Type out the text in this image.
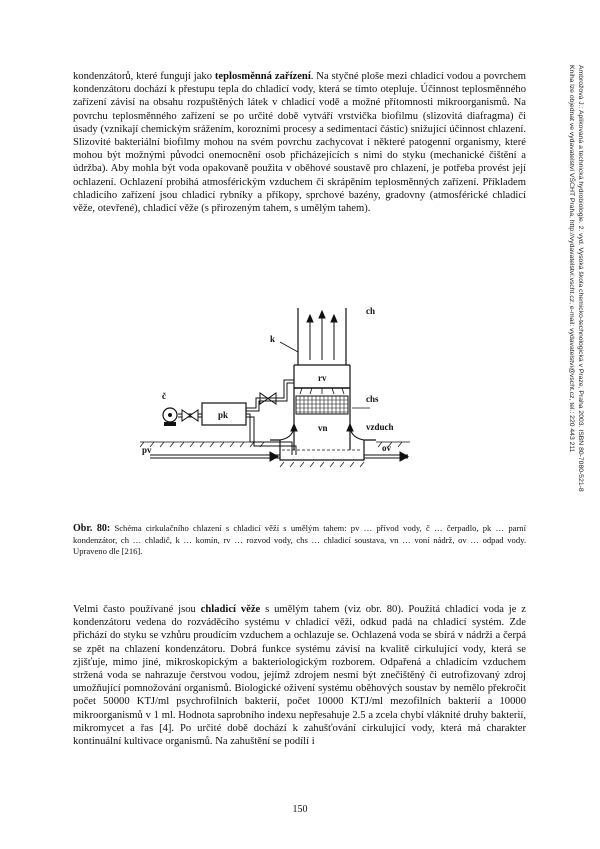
kondenzátorů, které fungují jako teplosměnná zařízení. Na styčné ploše mezi chladicí vodou a povrchem kondenzátoru dochází k přestupu tepla do chladicí vody, která se tímto otepluje. Účinnost teplosměnného zařízení závisí na obsahu rozpuštěných látek v chladicí vodě a možné přítomnosti mikroorganismů. Na povrchu teplosměnného zařízení se po určité době vytváří vrstvička biofilmu (slizovitá diafragma) či úsady (vznikají chemickým srážením, korozními procesy a sedimentací částic) snižující účinnost chlazení. Slizovité bakteriální biofilmy mohou na svém povrchu zachycovat i některé patogenní organismy, které mohou být možnými původci onemocnění osob přicházejících s nimi do styku (mechanické čištění a údržba). Aby mohla být voda opakovaně použita v oběhové soustavě pro chlazení, je potřeba provést její ochlazení. Ochlazení probíhá atmosférickým vzduchem či skrápěním teplosměnných zařízení. Příkladem chladicího zařízení jsou chladicí rybníky a příkopy, sprchové bazény, gradovny (atmosférické chladicí věže, otevřené), chladicí věže (s přirozeným tahem, s umělým tahem).

ch
k
rv
chs
vn	vzduch
ov
pv
č
pk

Obr. 80: Schéma cirkulačního chlazení s chladicí věží s umělým tahem: pv … přívod vody, č … čerpadlo, pk … parní kondenzátor, ch … chladič, k … komín, rv … rozvod vody, chs … chladicí soustava, vn … voní nádrž, ov … odpad vody. Upraveno dle [216].

Velmi často používané jsou chladicí věže s umělým tahem (viz obr. 80). Použitá chladicí voda je z kondenzátoru vedena do rozváděcího systému v chladicí věži, odkud padá na chladicí systém. Zde přichází do styku se vzhůru proudícím vzduchem a ochlazuje se. Ochlazená voda se sbírá v nádrži a čerpá se zpět na chlazení kondenzátoru. Dobrá funkce systému závisí na kvalitě cirkulující vody, která se zjišťuje, mimo jiné, mikroskopickým a bakteriologickým rozborem. Odpařená a chladicím vzduchem stržená voda se nahrazuje čerstvou vodou, jejímž zdrojem nesmí být znečištěný či eutrofizovaný zdroj umožňující pomnožování organismů. Biologické oživení systému oběhových soustav by nemělo překročit počet 50000 KTJ/ml psychrofilních bakterií, počet 10000 KTJ/ml mezofilních bakterií a 10000 mikroorganismů v 1 ml. Hodnota saprobního indexu nepřesahuje 2.5 a zcela chybí vláknité druhy bakterií, mikromycet a řas [4]. Po určité době dochází k zahušťování cirkulující vody, která má charakter kontinuální kultivace organismů. Na zahuštění se podílí i

150
Ambrožová J.: Aplikovaná a technická hydrobiologie. 2. vyd. Vysoká škola chemicko-technologická v Praze, Praha 2003. ISBN 80-7080-521-8
Kniha lze objednat ve vydavatelství VŠCHT Praha, http://vydavatelstvi.vscht.cz, e-mail: vydavatelstvi@vscht.cz, tel.: 220 443 211
